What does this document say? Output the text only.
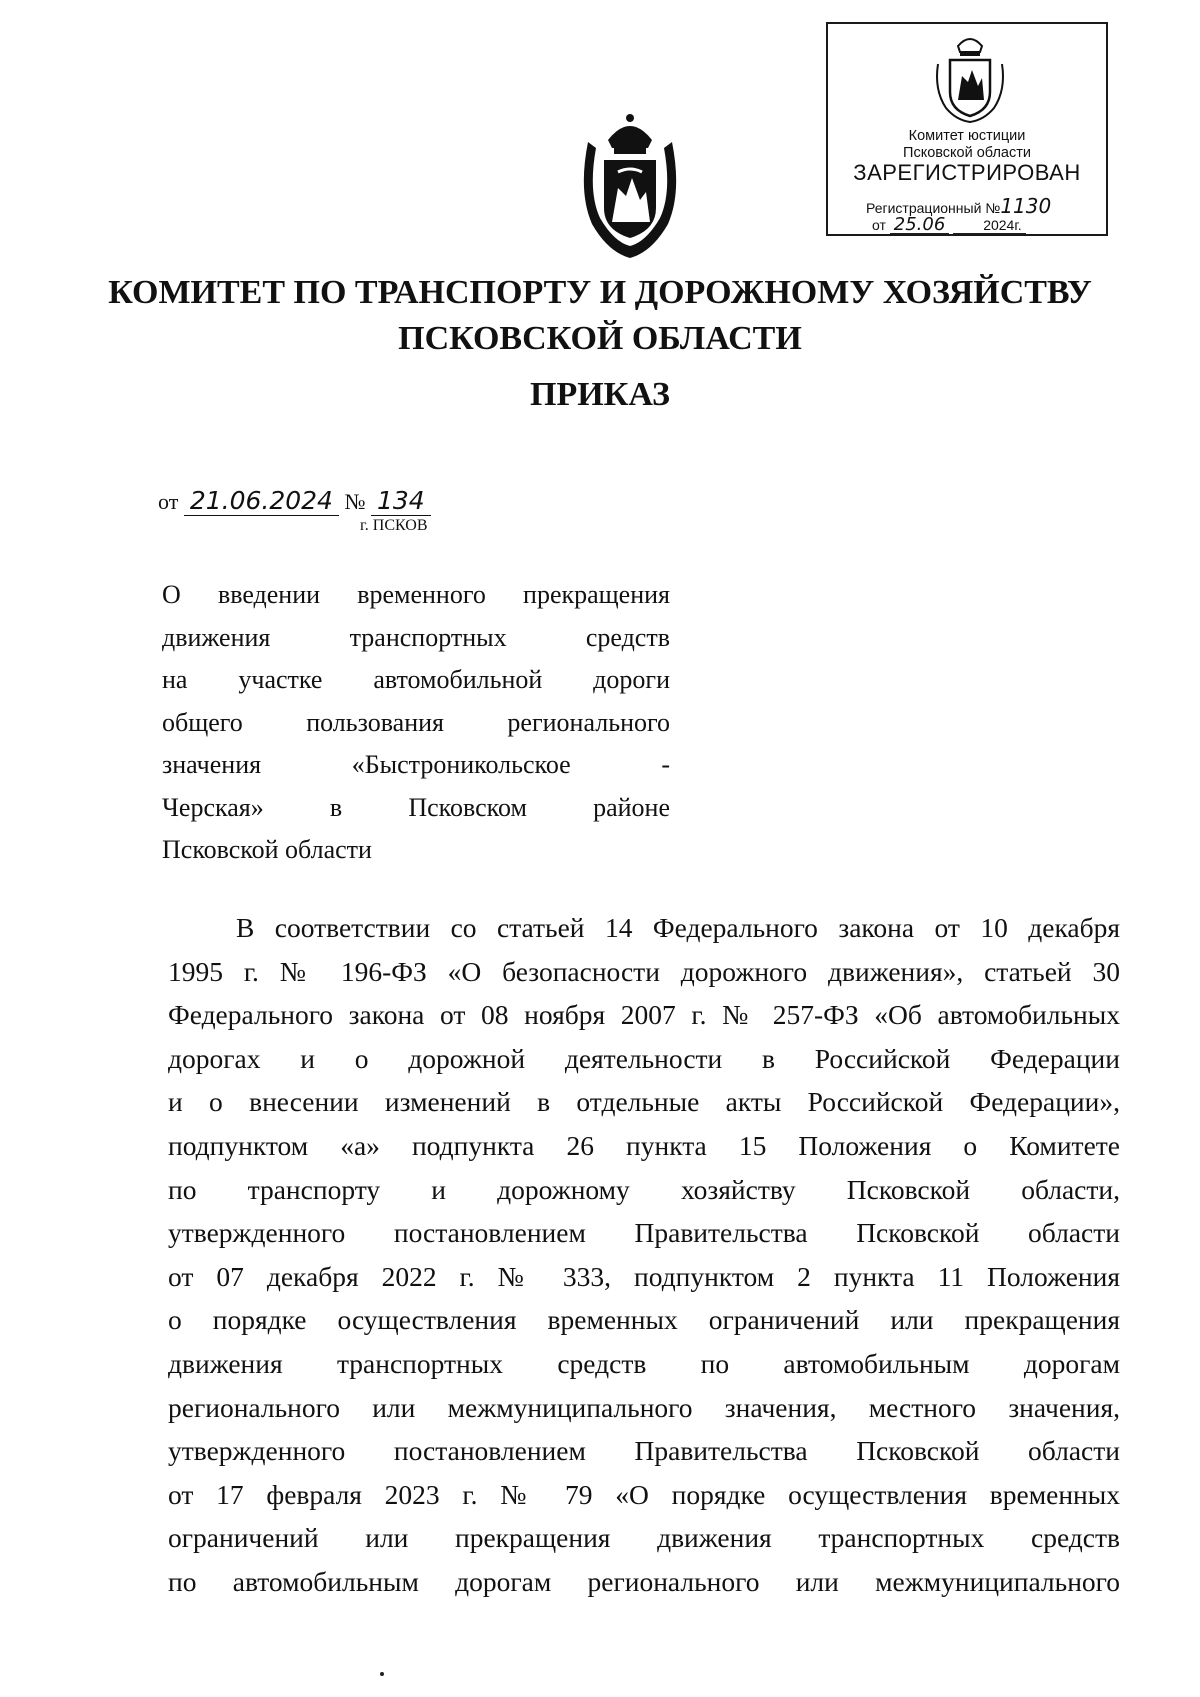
Комитет юстиции
Псковской области
ЗАРЕГИСТРИРОВАН
Регистрационный №1130
от 25.06	2024г.
КОМИТЕТ ПО ТРАНСПОРТУ И ДОРОЖНОМУ ХОЗЯЙСТВУ
ПСКОВСКОЙ ОБЛАСТИ
ПРИКАЗ
от 21.06.2024 № 134
г. ПСКОВ
О введении временного прекращения
движения транспортных средств
на участке автомобильной дороги
общего пользования регионального
значения «Быстроникольское -
Черская» в Псковском районе
Псковской области
В соответствии со статьей 14 Федерального закона от 10 декабря
1995 г. № 196-ФЗ «О безопасности дорожного движения», статьей 30
Федерального закона от 08 ноября 2007 г. № 257-ФЗ «Об автомобильных
дорогах и о дорожной деятельности в Российской Федерации
и о внесении изменений в отдельные акты Российской Федерации»,
подпунктом «а» подпункта 26 пункта 15 Положения о Комитете
по транспорту и дорожному хозяйству Псковской области,
утвержденного постановлением Правительства Псковской области
от 07 декабря 2022 г. № 333, подпунктом 2 пункта 11 Положения
о порядке осуществления временных ограничений или прекращения
движения транспортных средств по автомобильным дорогам
регионального или межмуниципального значения, местного значения,
утвержденного постановлением Правительства Псковской области
от 17 февраля 2023 г. № 79 «О порядке осуществления временных
ограничений или прекращения движения транспортных средств
по автомобильным дорогам регионального или межмуниципального
